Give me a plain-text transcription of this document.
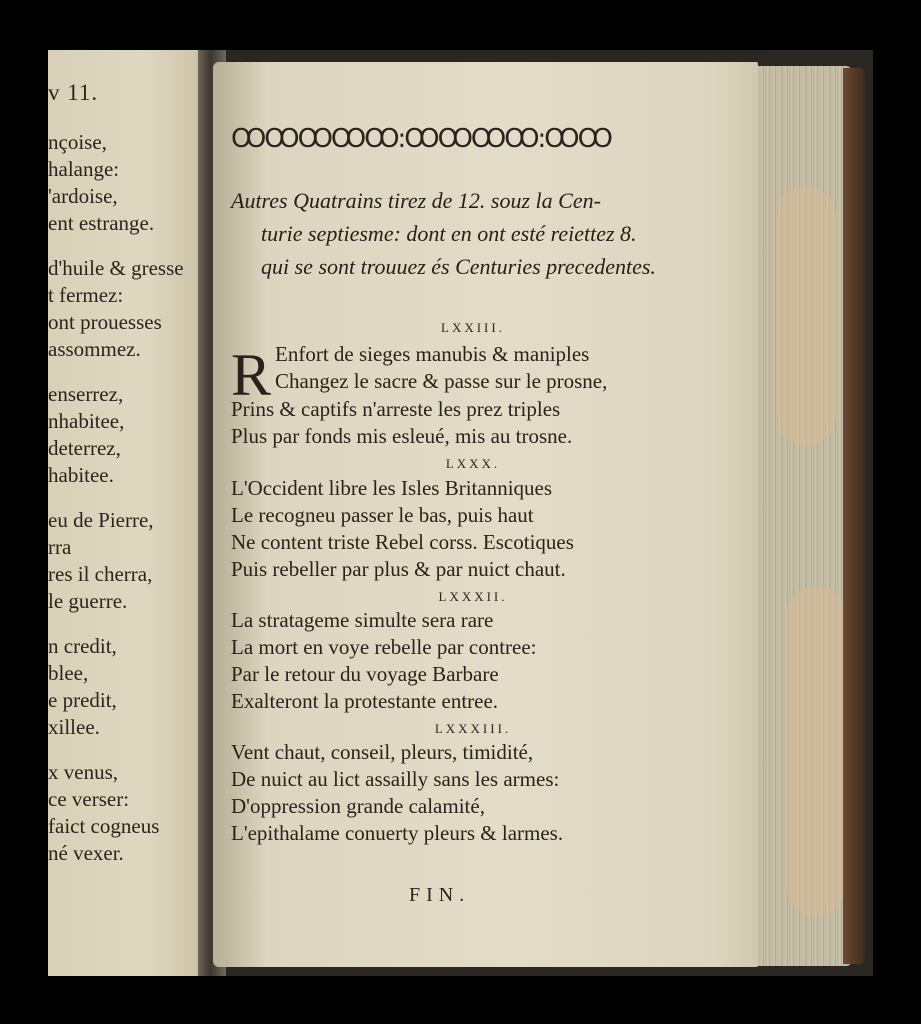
v 11.
nçoise,
halange:
'ardoise,
ent estrange.
d'huile & gresse
t fermez:
ont prouesses
assommez.
enserrez,
nhabitee,
deterrez,
habitee.
eu de Pierre,
rra
res il cherra,
le guerre.
n credit,
blee,
e predit,
xillee.
x venus,
ce verser:
faict cogneus
né vexer.
ꝎꝎꝎꝎꝎ:ꝎꝎꝎꝎ:ꝎꝎ
Autres Quatrains tirez de 12. souz la Cen-
turie septiesme: dont en ont esté reiettez 8.
qui se sont trouuez és Centuries precedentes.
LXXIII.
R Enfort de sieges manubis & maniples
Changez le sacre & passe sur le prosne,
Prins & captifs n'arreste les prez triples
Plus par fonds mis esleué, mis au trosne.
LXXX.
L'Occident libre les Isles Britanniques
Le recogneu passer le bas, puis haut
Ne content triste Rebel corss. Escotiques
Puis rebeller par plus & par nuict chaut.
LXXXII.
La stratageme simulte sera rare
La mort en voye rebelle par contree:
Par le retour du voyage Barbare
Exalteront la protestante entree.
LXXXIII.
Vent chaut, conseil, pleurs, timidité,
De nuict au lict assailly sans les armes:
D'oppression grande calamité,
L'epithalame conuerty pleurs & larmes.
FIN.
